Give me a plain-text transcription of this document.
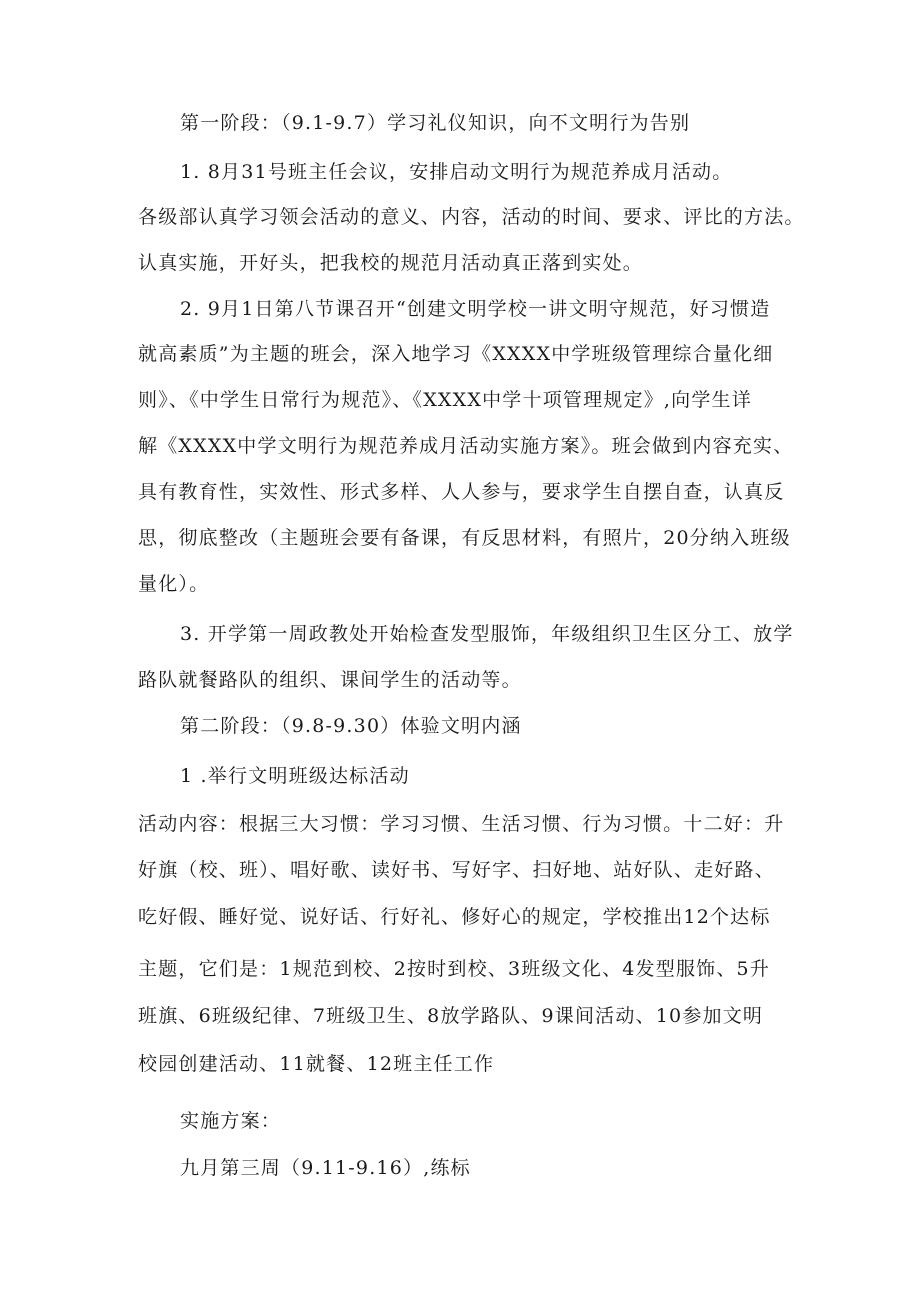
第一阶段：（9.1-9.7）学习礼仪知识，向不文明行为告别
1. 8月31号班主任会议，安排启动文明行为规范养成月活动。
各级部认真学习领会活动的意义、内容，活动的时间、要求、评比的方法。
认真实施，开好头，把我校的规范月活动真正落到实处。
2. 9月1日第八节课召开“创建文明学校一讲文明守规范，好习惯造
就高素质”为主题的班会，深入地学习《XXXX中学班级管理综合量化细
则》、《中学生日常行为规范》、《XXXX中学十项管理规定》,向学生详
解《XXXX中学文明行为规范养成月活动实施方案》。班会做到内容充实、
具有教育性，实效性、形式多样、人人参与，要求学生自摆自查，认真反
思，彻底整改（主题班会要有备课，有反思材料，有照片，20分纳入班级
量化）。
3. 开学第一周政教处开始检查发型服饰，年级组织卫生区分工、放学
路队就餐路队的组织、课间学生的活动等。
第二阶段：（9.8-9.30）体验文明内涵
1 .举行文明班级达标活动
活动内容：根据三大习惯：学习习惯、生活习惯、行为习惯。十二好：升
好旗（校、班）、唱好歌、读好书、写好字、扫好地、站好队、走好路、
吃好假、睡好觉、说好话、行好礼、修好心的规定，学校推出12个达标
主题，它们是：1规范到校、2按时到校、3班级文化、4发型服饰、5升
班旗、6班级纪律、7班级卫生、8放学路队、9课间活动、10参加文明
校园创建活动、11就餐、12班主任工作
实施方案：
九月第三周（9.11-9.16）,练标
